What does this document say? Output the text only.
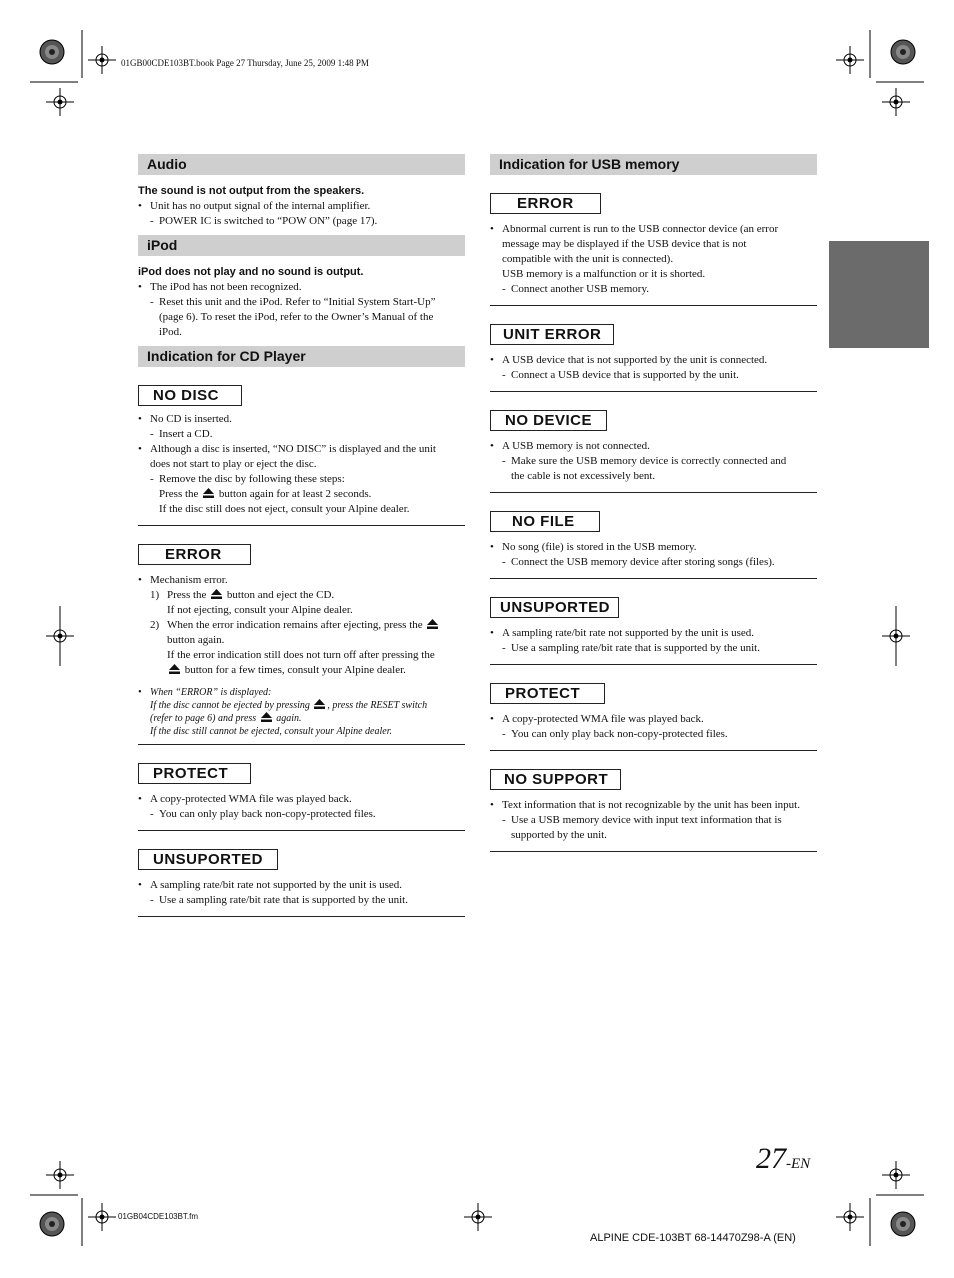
01GB00CDE103BT.book Page 27 Thursday, June 25, 2009 1:48 PM
Audio
The sound is not output from the speakers.
• Unit has no output signal of the internal amplifier.
- POWER IC is switched to “POW ON” (page 17).
iPod
iPod does not play and no sound is output.
• The iPod has not been recognized.
- Reset this unit and the iPod. Refer to “Initial System Start-Up”
(page 6). To reset the iPod, refer to the Owner’s Manual of the
iPod.
Indication for CD Player
NO DISC
• No CD is inserted.
- Insert a CD.
• Although a disc is inserted, “NO DISC” is displayed and the unit
does not start to play or eject the disc.
- Remove the disc by following these steps:
Press the button again for at least 2 seconds.
If the disc still does not eject, consult your Alpine dealer.
ERROR
• Mechanism error.
1) Press the button and eject the CD.
If not ejecting, consult your Alpine dealer.
2) When the error indication remains after ejecting, press the
button again.
If the error indication still does not turn off after pressing the
button for a few times, consult your Alpine dealer.
• When “ERROR” is displayed:
If the disc cannot be ejected by pressing , press the RESET switch
(refer to page 6) and press again.
If the disc still cannot be ejected, consult your Alpine dealer.
PROTECT
• A copy-protected WMA file was played back.
- You can only play back non-copy-protected files.
UNSUPORTED
• A sampling rate/bit rate not supported by the unit is used.
- Use a sampling rate/bit rate that is supported by the unit.
Indication for USB memory
ERROR
• Abnormal current is run to the USB connector device (an error
message may be displayed if the USB device that is not
compatible with the unit is connected).
USB memory is a malfunction or it is shorted.
- Connect another USB memory.
UNIT ERROR
• A USB device that is not supported by the unit is connected.
- Connect a USB device that is supported by the unit.
NO DEVICE
• A USB memory is not connected.
- Make sure the USB memory device is correctly connected and
the cable is not excessively bent.
NO FILE
• No song (file) is stored in the USB memory.
- Connect the USB memory device after storing songs (files).
UNSUPORTED
• A sampling rate/bit rate not supported by the unit is used.
- Use a sampling rate/bit rate that is supported by the unit.
PROTECT
• A copy-protected WMA file was played back.
- You can only play back non-copy-protected files.
NO SUPPORT
• Text information that is not recognizable by the unit has been input.
- Use a USB memory device with input text information that is
supported by the unit.
27-EN
01GB04CDE103BT.fm
ALPINE CDE-103BT 68-14470Z98-A (EN)
